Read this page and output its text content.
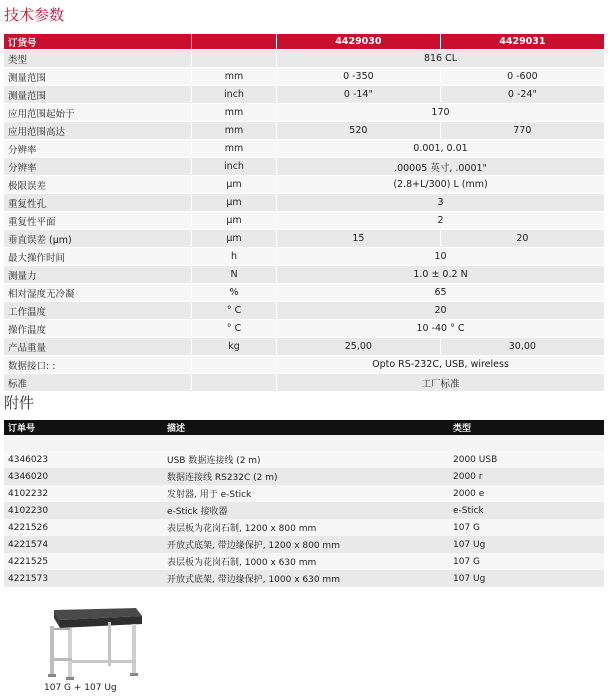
技术参数
订货号		4429030	4429031
类型		816 CL	
测量范围	mm	0 -350	0 -600
测量范围	inch	0 -14"	0 -24"
应用范围起始于	mm	170	
应用范围高达	mm	520	770
分辨率	mm	0.001, 0.01	
分辨率	inch	.00005 英寸, .0001"	
极限误差	µm	(2.8+L/300) L (mm)	
重复性孔	µm	3	
重复性平面	µm	2	
垂直误差 (µm)	µm	15	20
最大操作时间	h	10	
测量力	N	1.0 ± 0.2 N	
相对湿度无冷凝	%	65	
工作温度	° C	20	
操作温度	° C	10 -40 ° C	
产品重量	kg	25,00	30,00
数据接口: :		Opto RS-232C, USB, wireless	
标准		工厂标准	
附件
订单号	描述	类型

4346023	USB 数据连接线 (2 m)	2000 USB
4346020	数据连接线 RS232C (2 m)	2000 r
4102232	发射器, 用于 e-Stick	2000 e
4102230	e-Stick 接收器	e-Stick
4221526	表层板为花岗石制, 1200 x 800 mm	107 G
4221574	开放式底架, 带边缘保护, 1200 x 800 mm	107 Ug
4221525	表层板为花岗石制, 1000 x 630 mm	107 G
4221573	开放式底架, 带边缘保护, 1000 x 630 mm	107 Ug
107 G + 107 Ug
